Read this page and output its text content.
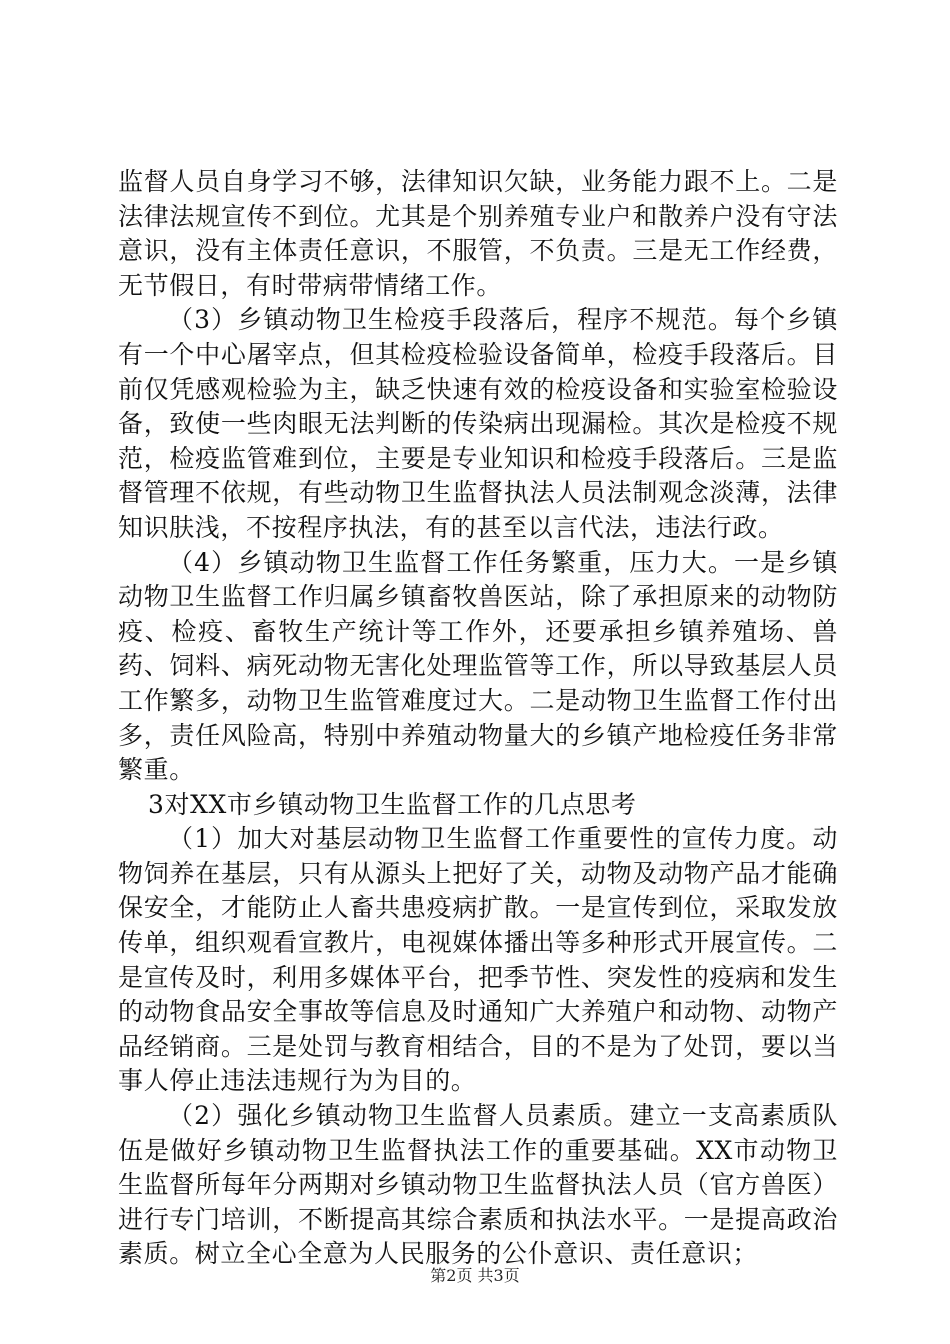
监督人员自身学习不够，法律知识欠缺，业务能力跟不上。二是法律法规宣传不到位。尤其是个别养殖专业户和散养户没有守法意识，没有主体责任意识，不服管，不负责。三是无工作经费，无节假日，有时带病带情绪工作。

（3）乡镇动物卫生检疫手段落后，程序不规范。每个乡镇有一个中心屠宰点，但其检疫检验设备简单，检疫手段落后。目前仅凭感观检验为主，缺乏快速有效的检疫设备和实验室检验设备，致使一些肉眼无法判断的传染病出现漏检。其次是检疫不规范，检疫监管难到位，主要是专业知识和检疫手段落后。三是监督管理不依规，有些动物卫生监督执法人员法制观念淡薄，法律知识肤浅，不按程序执法，有的甚至以言代法，违法行政。

（4）乡镇动物卫生监督工作任务繁重，压力大。一是乡镇动物卫生监督工作归属乡镇畜牧兽医站，除了承担原来的动物防疫、检疫、畜牧生产统计等工作外，还要承担乡镇养殖场、兽药、饲料、病死动物无害化处理监管等工作，所以导致基层人员工作繁多，动物卫生监管难度过大。二是动物卫生监督工作付出多，责任风险高，特别中养殖动物量大的乡镇产地检疫任务非常繁重。

3对XX市乡镇动物卫生监督工作的几点思考

（1）加大对基层动物卫生监督工作重要性的宣传力度。动物饲养在基层，只有从源头上把好了关，动物及动物产品才能确保安全，才能防止人畜共患疫病扩散。一是宣传到位，采取发放传单，组织观看宣教片，电视媒体播出等多种形式开展宣传。二是宣传及时，利用多媒体平台，把季节性、突发性的疫病和发生的动物食品安全事故等信息及时通知广大养殖户和动物、动物产品经销商。三是处罚与教育相结合，目的不是为了处罚，要以当事人停止违法违规行为为目的。

（2）强化乡镇动物卫生监督人员素质。建立一支高素质队伍是做好乡镇动物卫生监督执法工作的重要基础。XX市动物卫生监督所每年分两期对乡镇动物卫生监督执法人员（官方兽医）进行专门培训，不断提高其综合素质和执法水平。一是提高政治素质。树立全心全意为人民服务的公仆意识、责任意识；

第2页 共3页
